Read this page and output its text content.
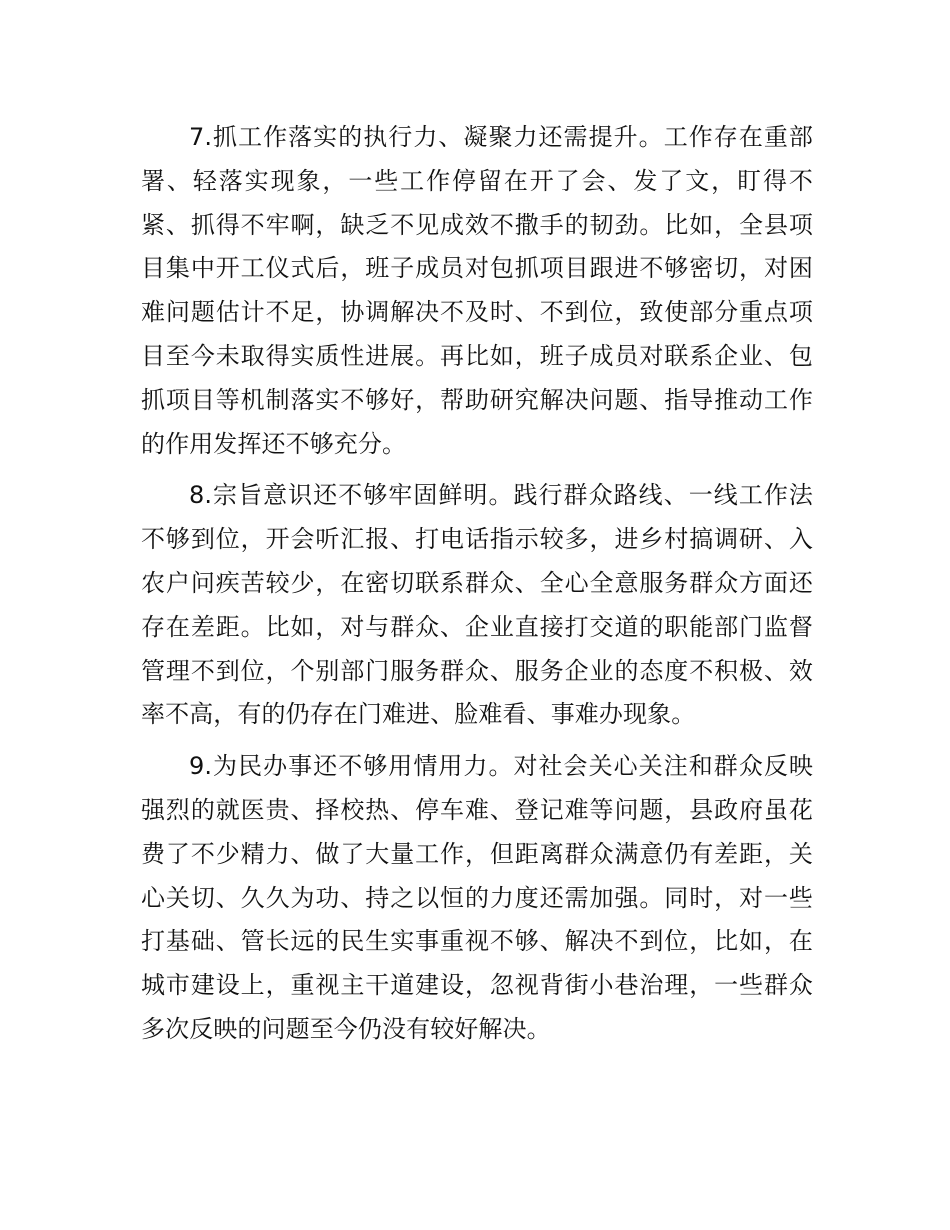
7.抓工作落实的执行力、凝聚力还需提升。工作存在重部署、轻落实现象，一些工作停留在开了会、发了文，盯得不紧、抓得不牢啊，缺乏不见成效不撒手的韧劲。比如，全县项目集中开工仪式后，班子成员对包抓项目跟进不够密切，对困难问题估计不足，协调解决不及时、不到位，致使部分重点项目至今未取得实质性进展。再比如，班子成员对联系企业、包抓项目等机制落实不够好，帮助研究解决问题、指导推动工作的作用发挥还不够充分。

8.宗旨意识还不够牢固鲜明。践行群众路线、一线工作法不够到位，开会听汇报、打电话指示较多，进乡村搞调研、入农户问疾苦较少，在密切联系群众、全心全意服务群众方面还存在差距。比如，对与群众、企业直接打交道的职能部门监督管理不到位，个别部门服务群众、服务企业的态度不积极、效率不高，有的仍存在门难进、脸难看、事难办现象。

9.为民办事还不够用情用力。对社会关心关注和群众反映强烈的就医贵、择校热、停车难、登记难等问题，县政府虽花费了不少精力、做了大量工作，但距离群众满意仍有差距，关心关切、久久为功、持之以恒的力度还需加强。同时，对一些打基础、管长远的民生实事重视不够、解决不到位，比如，在城市建设上，重视主干道建设，忽视背街小巷治理，一些群众多次反映的问题至今仍没有较好解决。
